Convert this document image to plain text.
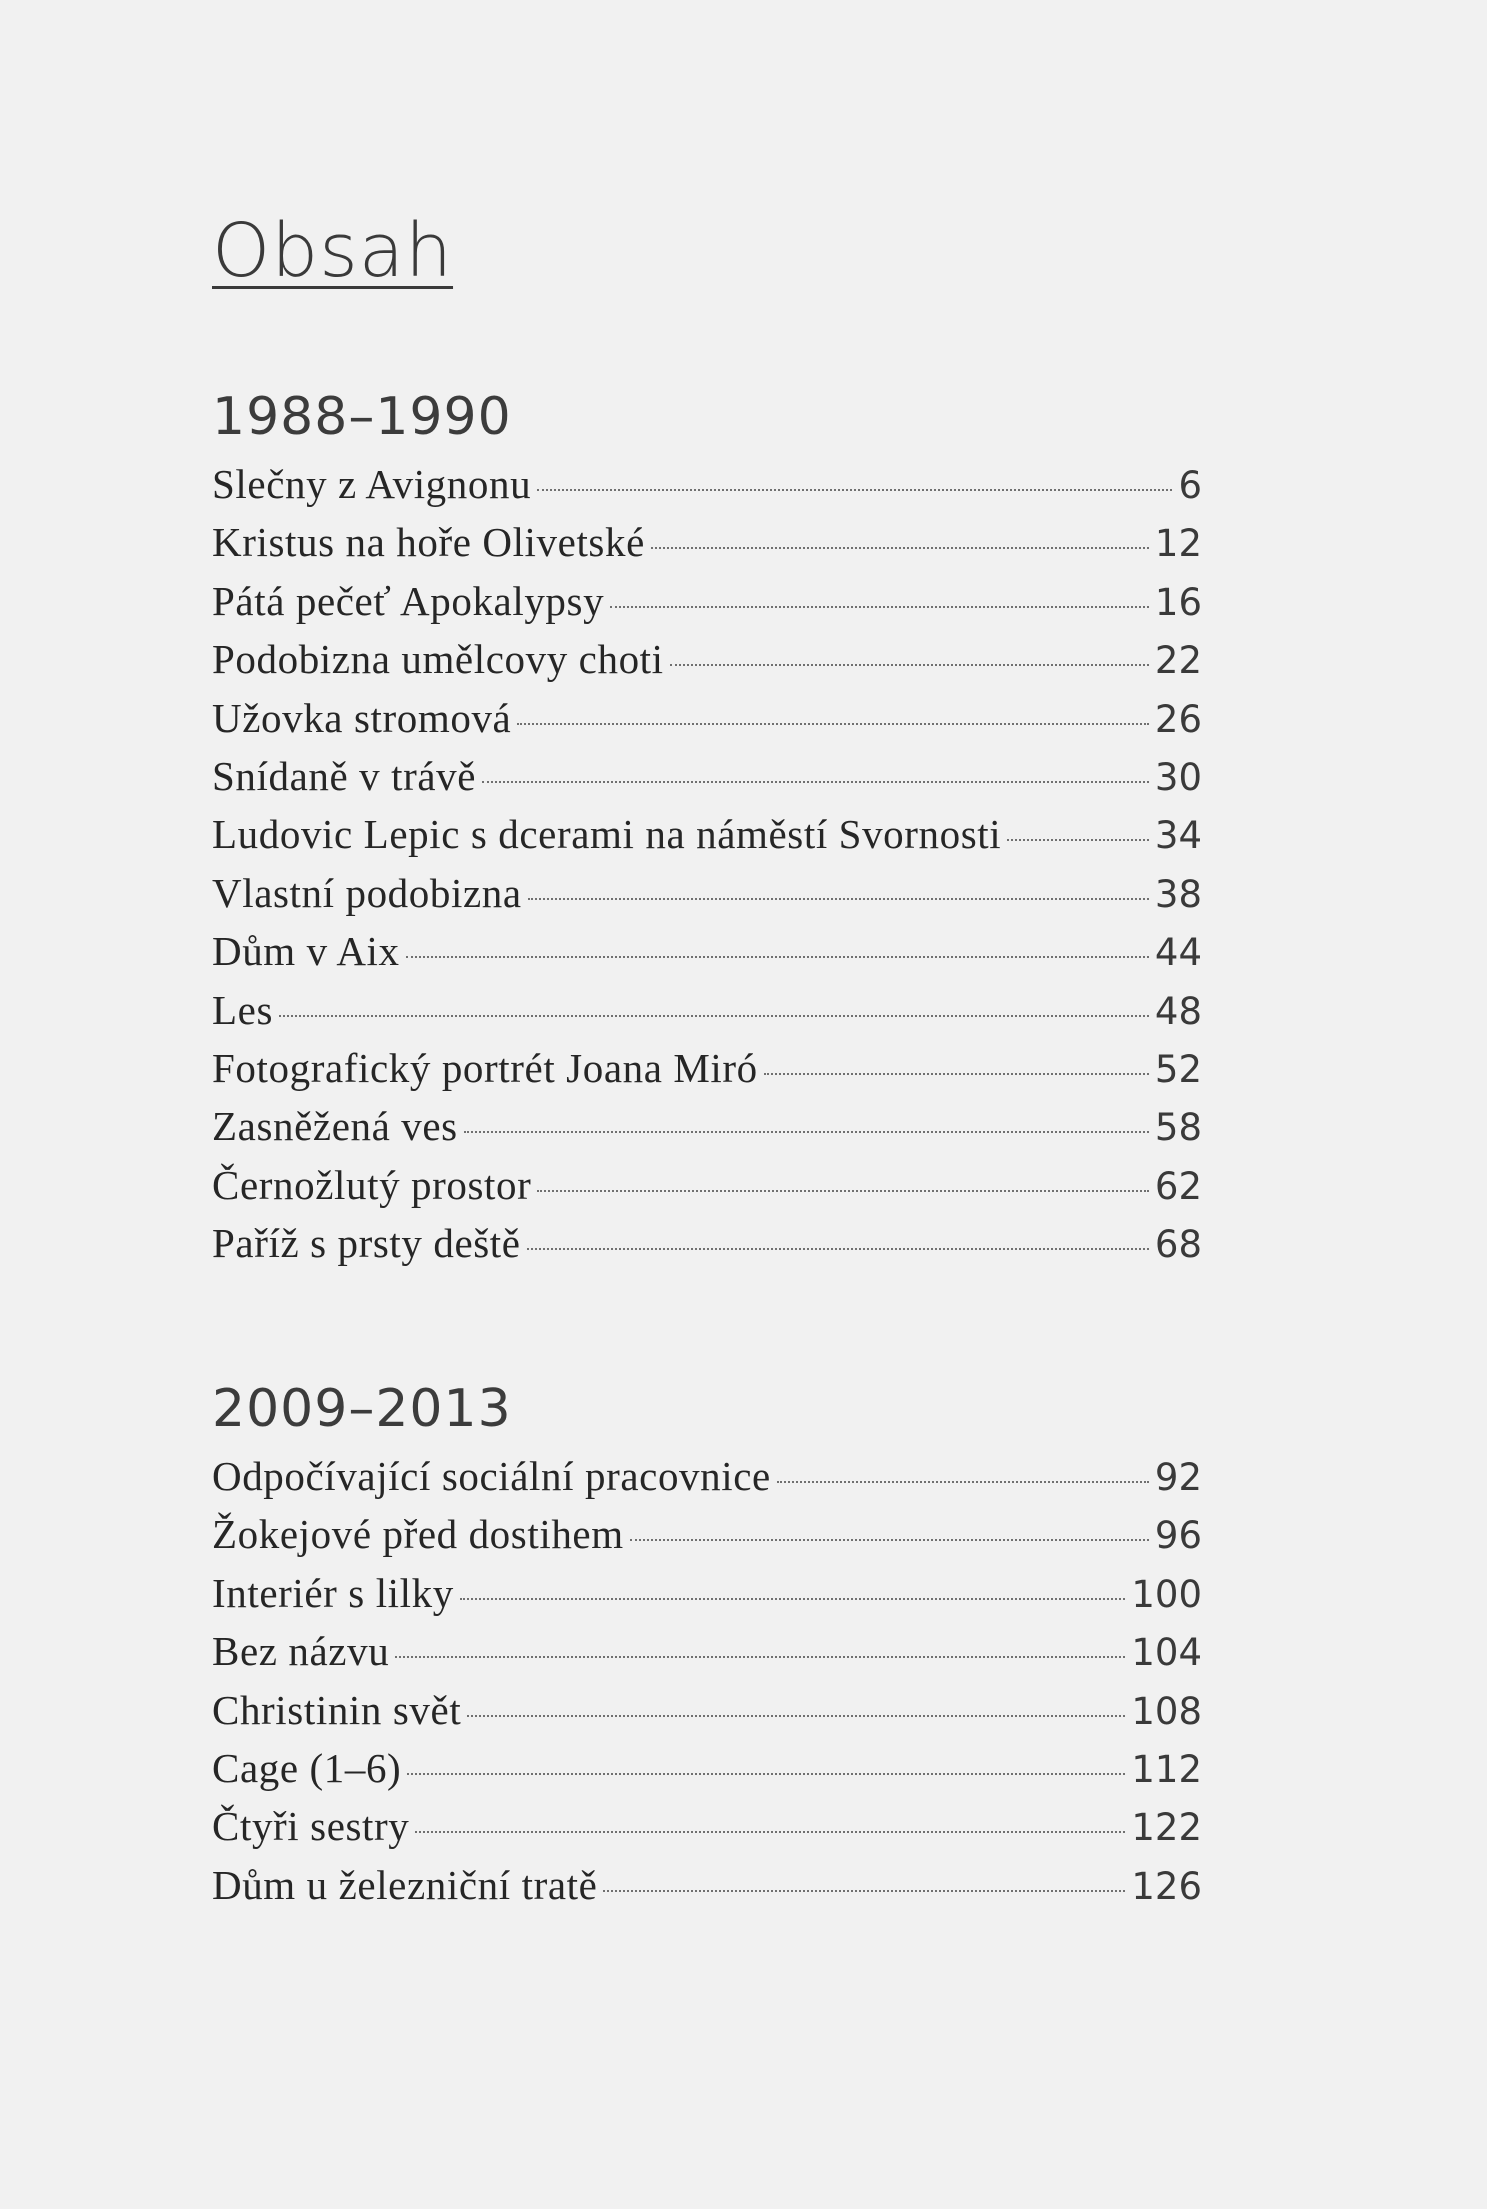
Obsah
1988–1990
Slečny z Avignonu	6
Kristus na hoře Olivetské	12
Pátá pečeť Apokalypsy	16
Podobizna umělcovy choti	22
Užovka stromová	26
Snídaně v trávě	30
Ludovic Lepic s dcerami na náměstí Svornosti	34
Vlastní podobizna	38
Dům v Aix	44
Les	48
Fotografický portrét Joana Miró	52
Zasněžená ves	58
Černožlutý prostor	62
Paříž s prsty deště	68
2009–2013
Odpočívající sociální pracovnice	92
Žokejové před dostihem	96
Interiér s lilky	100
Bez názvu	104
Christinin svět	108
Cage (1–6)	112
Čtyři sestry	122
Dům u železniční tratě	126
